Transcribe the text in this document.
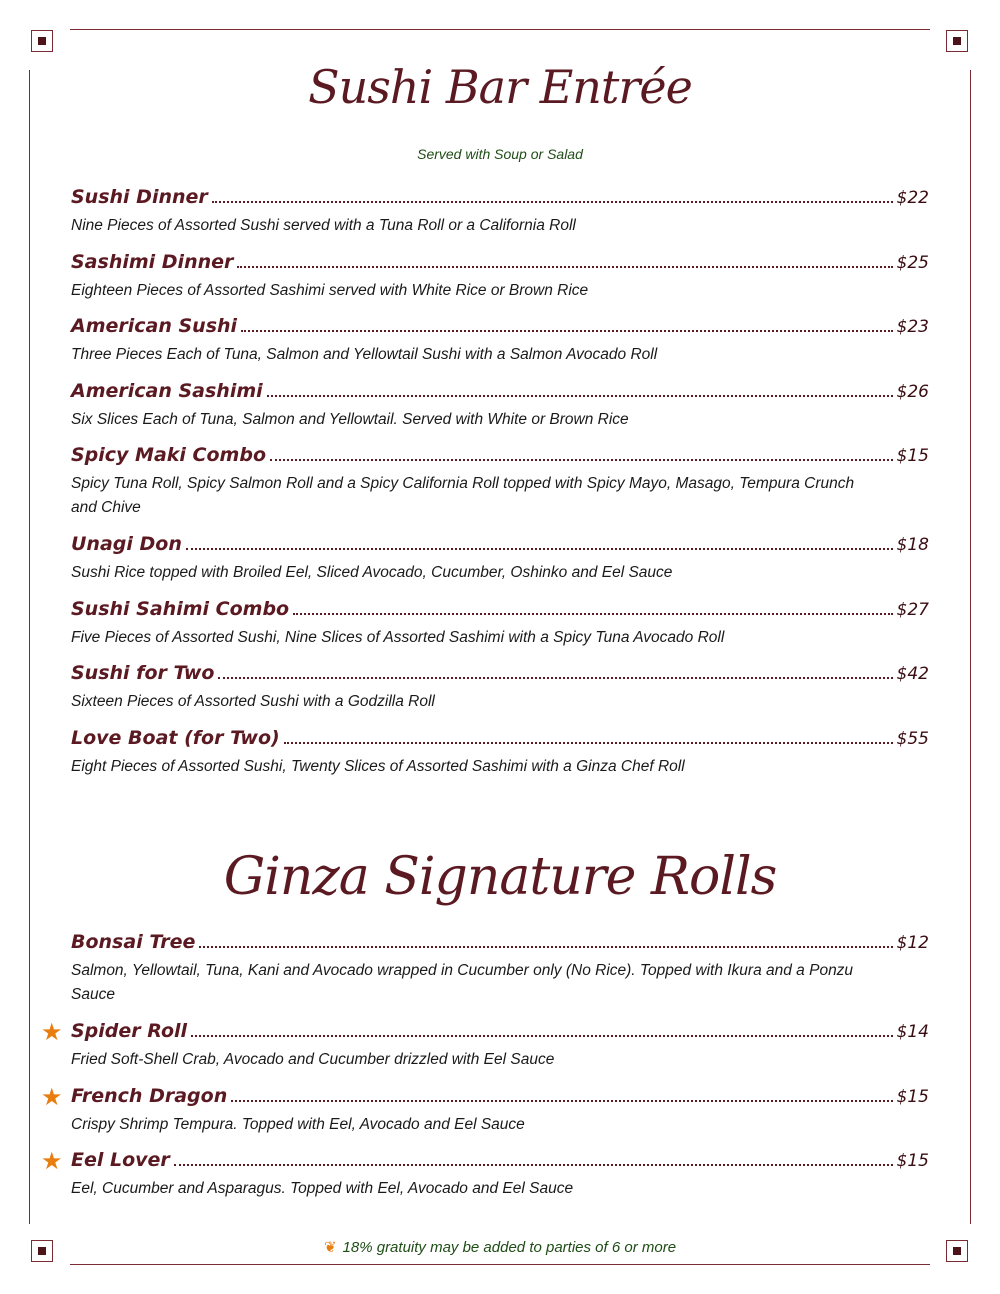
Sushi Bar Entrée
Served with Soup or Salad
Sushi Dinner	$22
Nine Pieces of Assorted Sushi served with a Tuna Roll or a California Roll
Sashimi Dinner	$25
Eighteen Pieces of Assorted Sashimi served with White Rice or Brown Rice
American Sushi	$23
Three Pieces Each of Tuna, Salmon and Yellowtail Sushi with a Salmon Avocado Roll
American Sashimi	$26
Six Slices Each of Tuna, Salmon and Yellowtail. Served with White or Brown Rice
Spicy Maki Combo	$15
Spicy Tuna Roll, Spicy Salmon Roll and a Spicy California Roll topped with Spicy Mayo, Masago, Tempura Crunch and Chive
Unagi Don	$18
Sushi Rice topped with Broiled Eel, Sliced Avocado, Cucumber, Oshinko and Eel Sauce
Sushi Sahimi Combo	$27
Five Pieces of Assorted Sushi, Nine Slices of Assorted Sashimi with a Spicy Tuna Avocado Roll
Sushi for Two	$42
Sixteen Pieces of Assorted Sushi with a Godzilla Roll
Love Boat (for Two)	$55
Eight Pieces of Assorted Sushi, Twenty Slices of Assorted Sashimi with a Ginza Chef Roll
Ginza Signature Rolls
Bonsai Tree	$12
Salmon, Yellowtail, Tuna, Kani and Avocado wrapped in Cucumber only (No Rice). Topped with Ikura and a Ponzu Sauce
★ Spider Roll	$14
Fried Soft-Shell Crab, Avocado and Cucumber drizzled with Eel Sauce
★ French Dragon	$15
Crispy Shrimp Tempura. Topped with Eel, Avocado and Eel Sauce
★ Eel Lover	$15
Eel, Cucumber and Asparagus. Topped with Eel, Avocado and Eel Sauce
❦ 18% gratuity may be added to parties of 6 or more
